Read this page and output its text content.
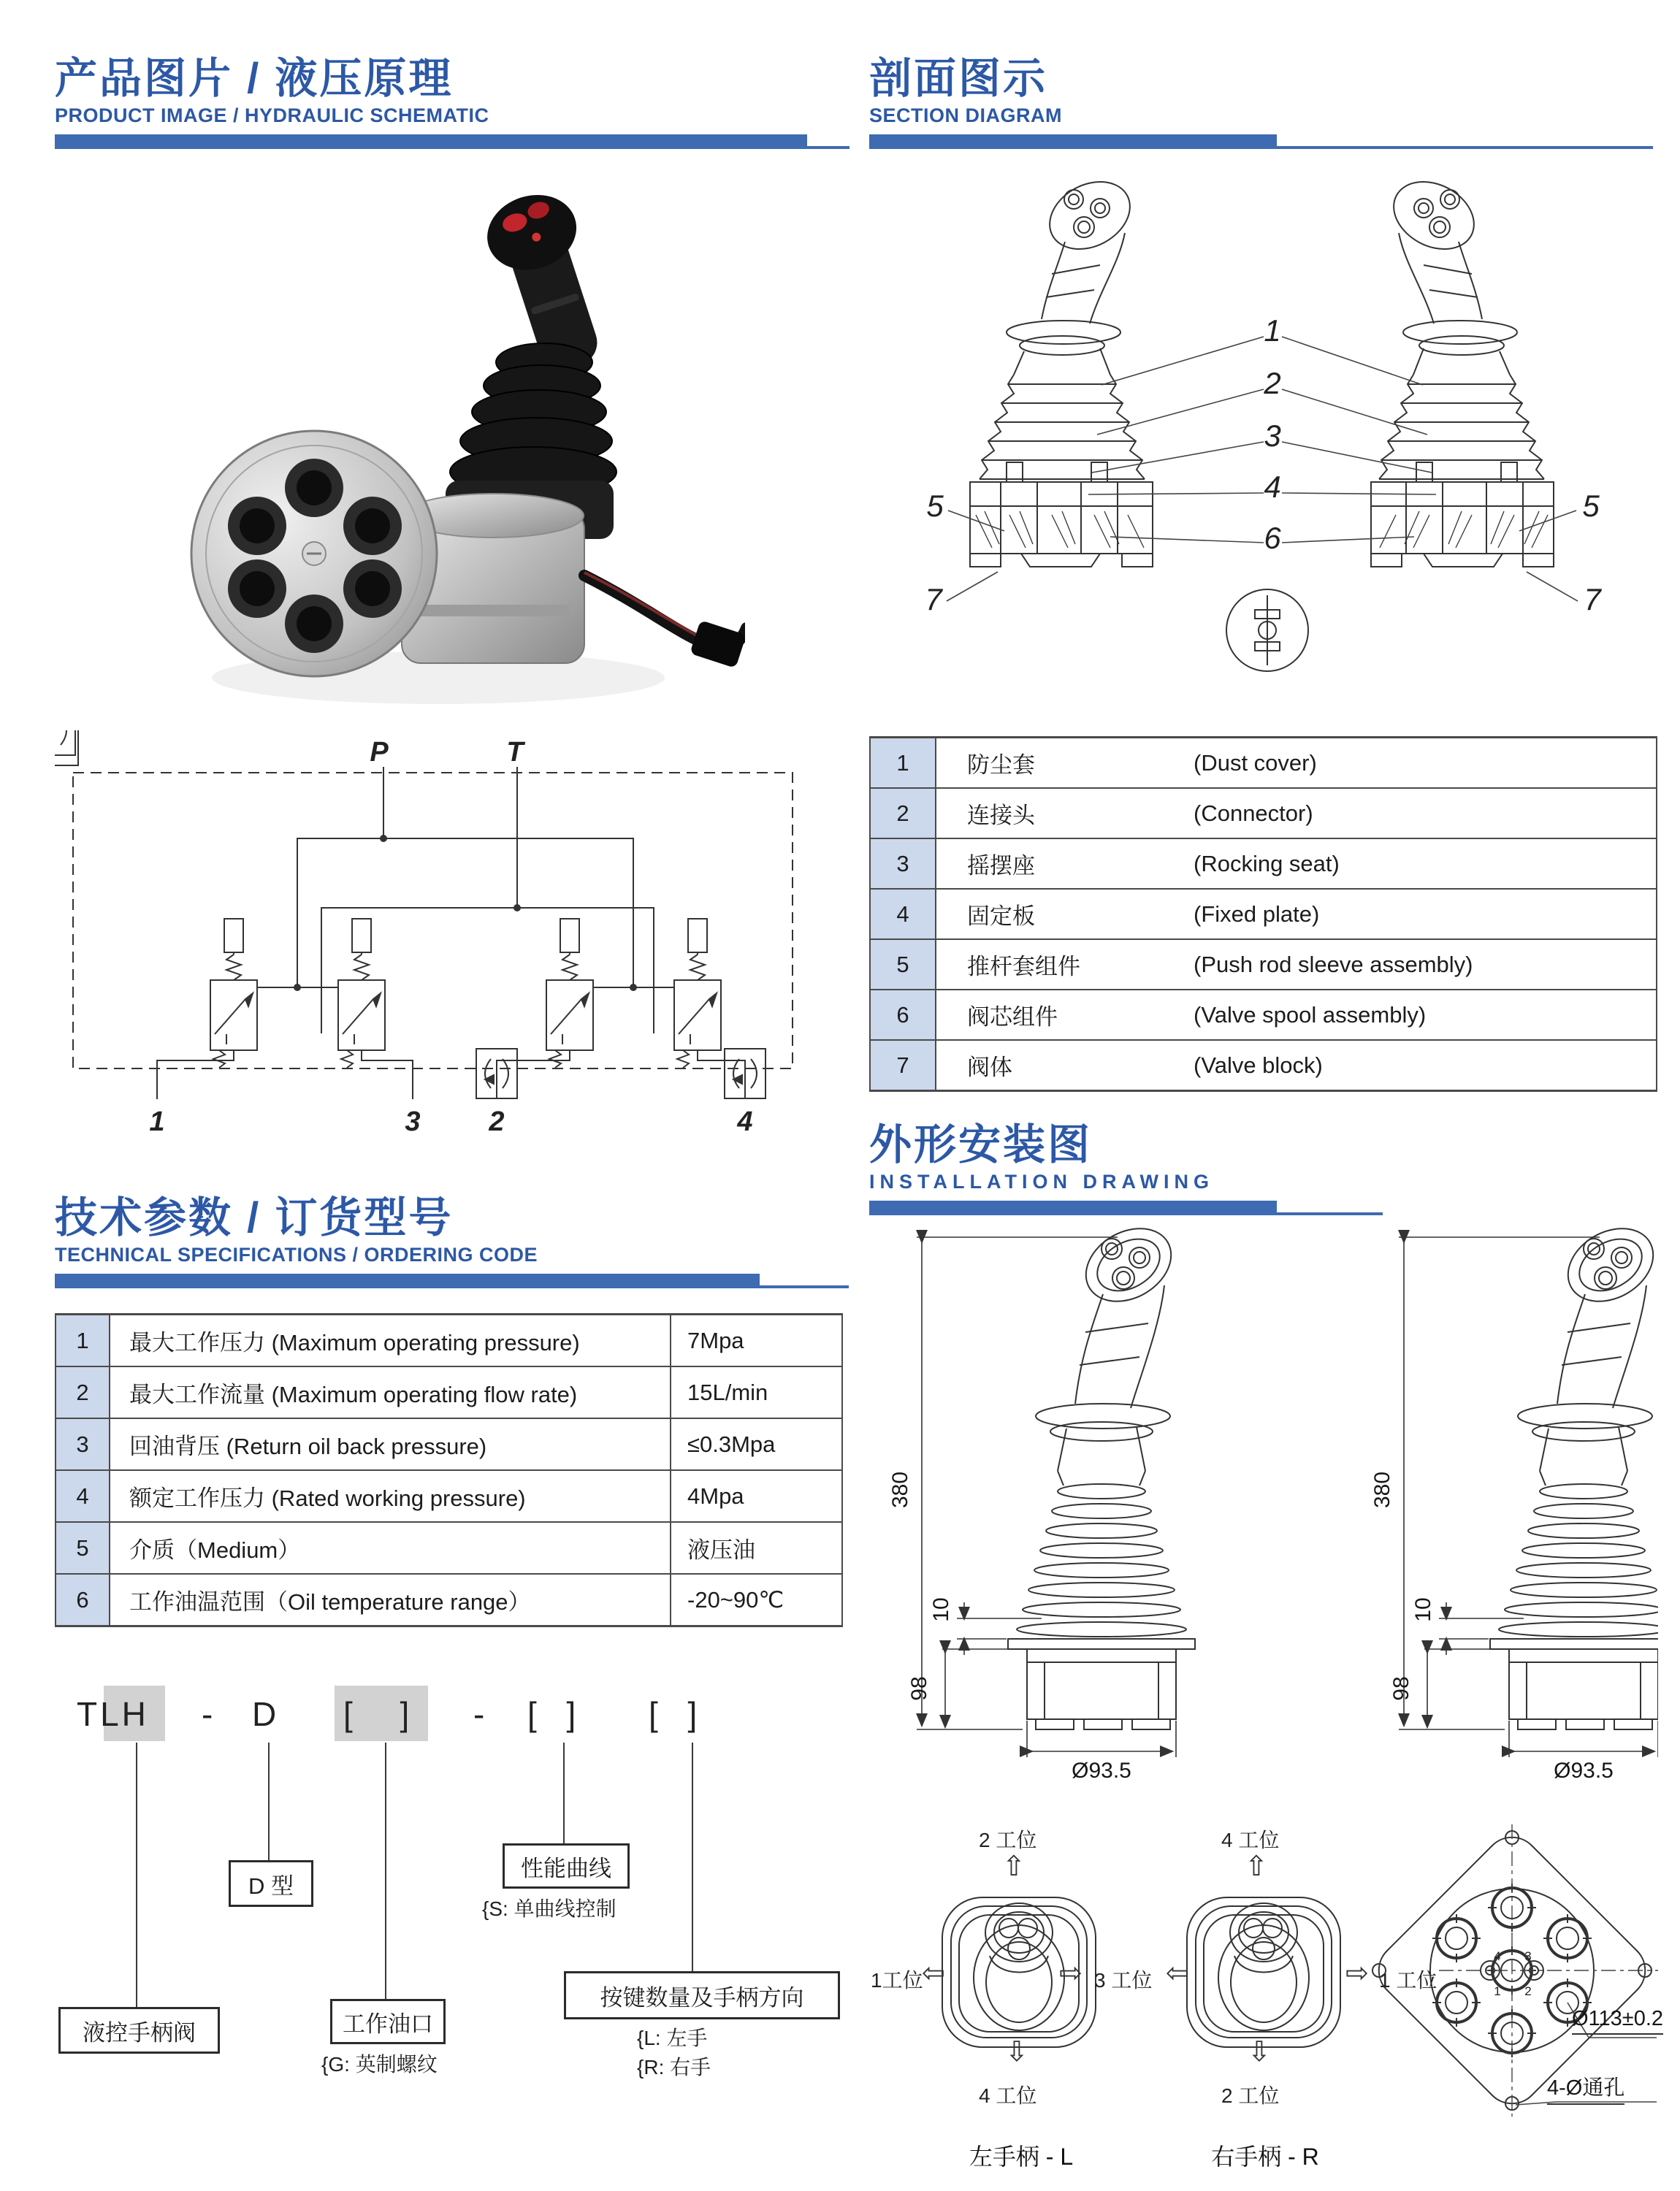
产品图片 / 液压原理
PRODUCT IMAGE / HYDRAULIC SCHEMATIC
P	T
1	3 2	4
技术参数 / 订货型号
TECHNICAL SPECIFICATIONS / ORDERING CODE
1	最大工作压力 (Maximum operating pressure)	7Mpa
2	最大工作流量 (Maximum operating flow rate)	15L/min
3	回油背压 (Return oil back pressure)	≤0.3Mpa
4	额定工作压力 (Rated working pressure)	4Mpa
5	介质（Medium）	液压油
6	工作油温范围（Oil temperature range）	-20~90℃
TLH - D [ ] - [ ] [ ]
D 型
性能曲线
{S: 单曲线控制
液控手柄阀	工作油口
{G: 英制螺纹
按键数量及手柄方向
{L: 左手
{R: 右手
剖面图示
SECTION DIAGRAM
1
2
3
4
6
5	5
7	7
1	防尘套	(Dust cover)
2	连接头	(Connector)
3	摇摆座	(Rocking seat)
4	固定板	(Fixed plate)
5	推杆套组件	(Push rod sleeve assembly)
6	阀芯组件	(Valve spool assembly)
7	阀体	(Valve block)
外形安装图
INSTALLATION DRAWING
380
10
98
Ø93.5
380
10
98
Ø93.5
4 3
1 2
2 工位
⇧
4 工位
⇧
1工位
⇦	⇨ 3 工位 ⇦	⇨ 1 工位
⇩
4 工位
⇩
2 工位
左手柄 - L	右手柄 - R
Ø113±0.2
4-Ø通孔
